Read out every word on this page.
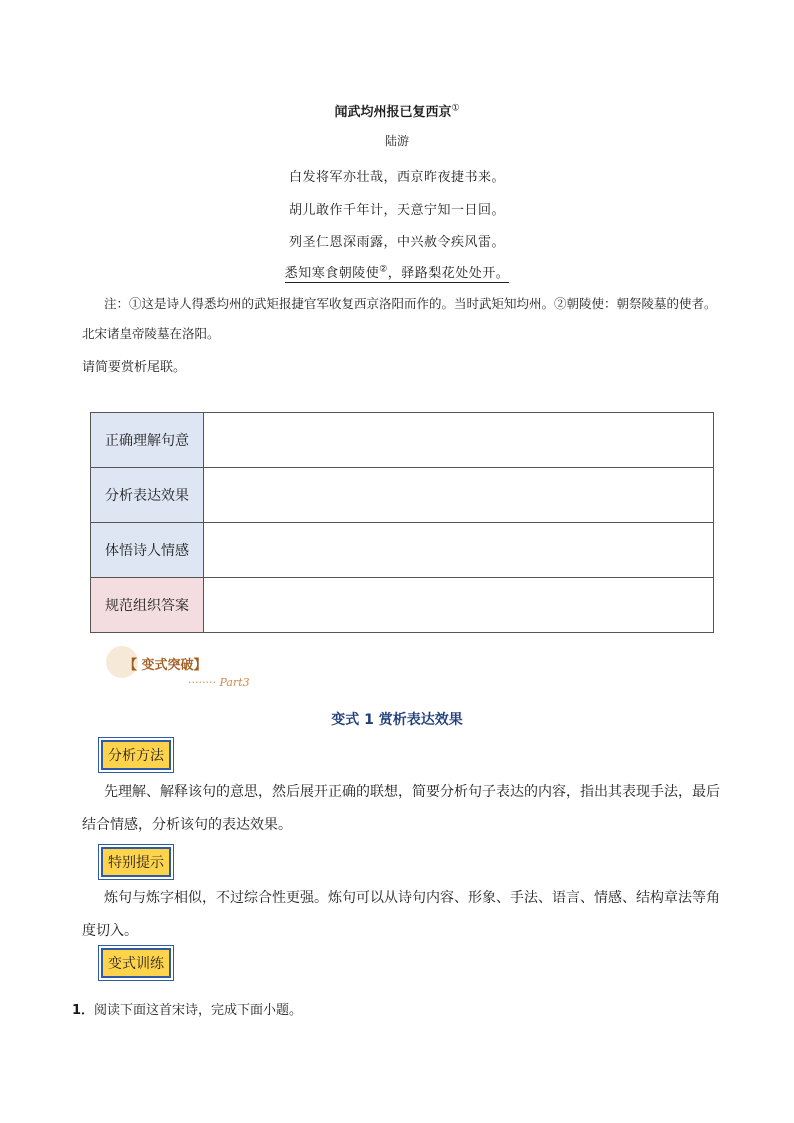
闻武均州报已复西京①
陆游
白发将军亦壮哉，西京昨夜捷书来。
胡儿敢作千年计，天意宁知一日回。
列圣仁恩深雨露，中兴赦令疾风雷。
悉知寒食朝陵使②，驿路梨花处处开。
注：①这是诗人得悉均州的武矩报捷官军收复西京洛阳而作的。当时武矩知均州。②朝陵使：朝祭陵墓的使者。北宋诸皇帝陵墓在洛阳。
请简要赏析尾联。
正确理解句意	
分析表达效果	
体悟诗人情感	
规范组织答案	
【 变式突破】
········ Part3
变式 1 赏析表达效果
分析方法
先理解、解释该句的意思，然后展开正确的联想，简要分析句子表达的内容，指出其表现手法，最后结合情感，分析该句的表达效果。
特别提示
炼句与炼字相似，不过综合性更强。炼句可以从诗句内容、形象、手法、语言、情感、结构章法等角度切入。
变式训练
1．阅读下面这首宋诗，完成下面小题。
